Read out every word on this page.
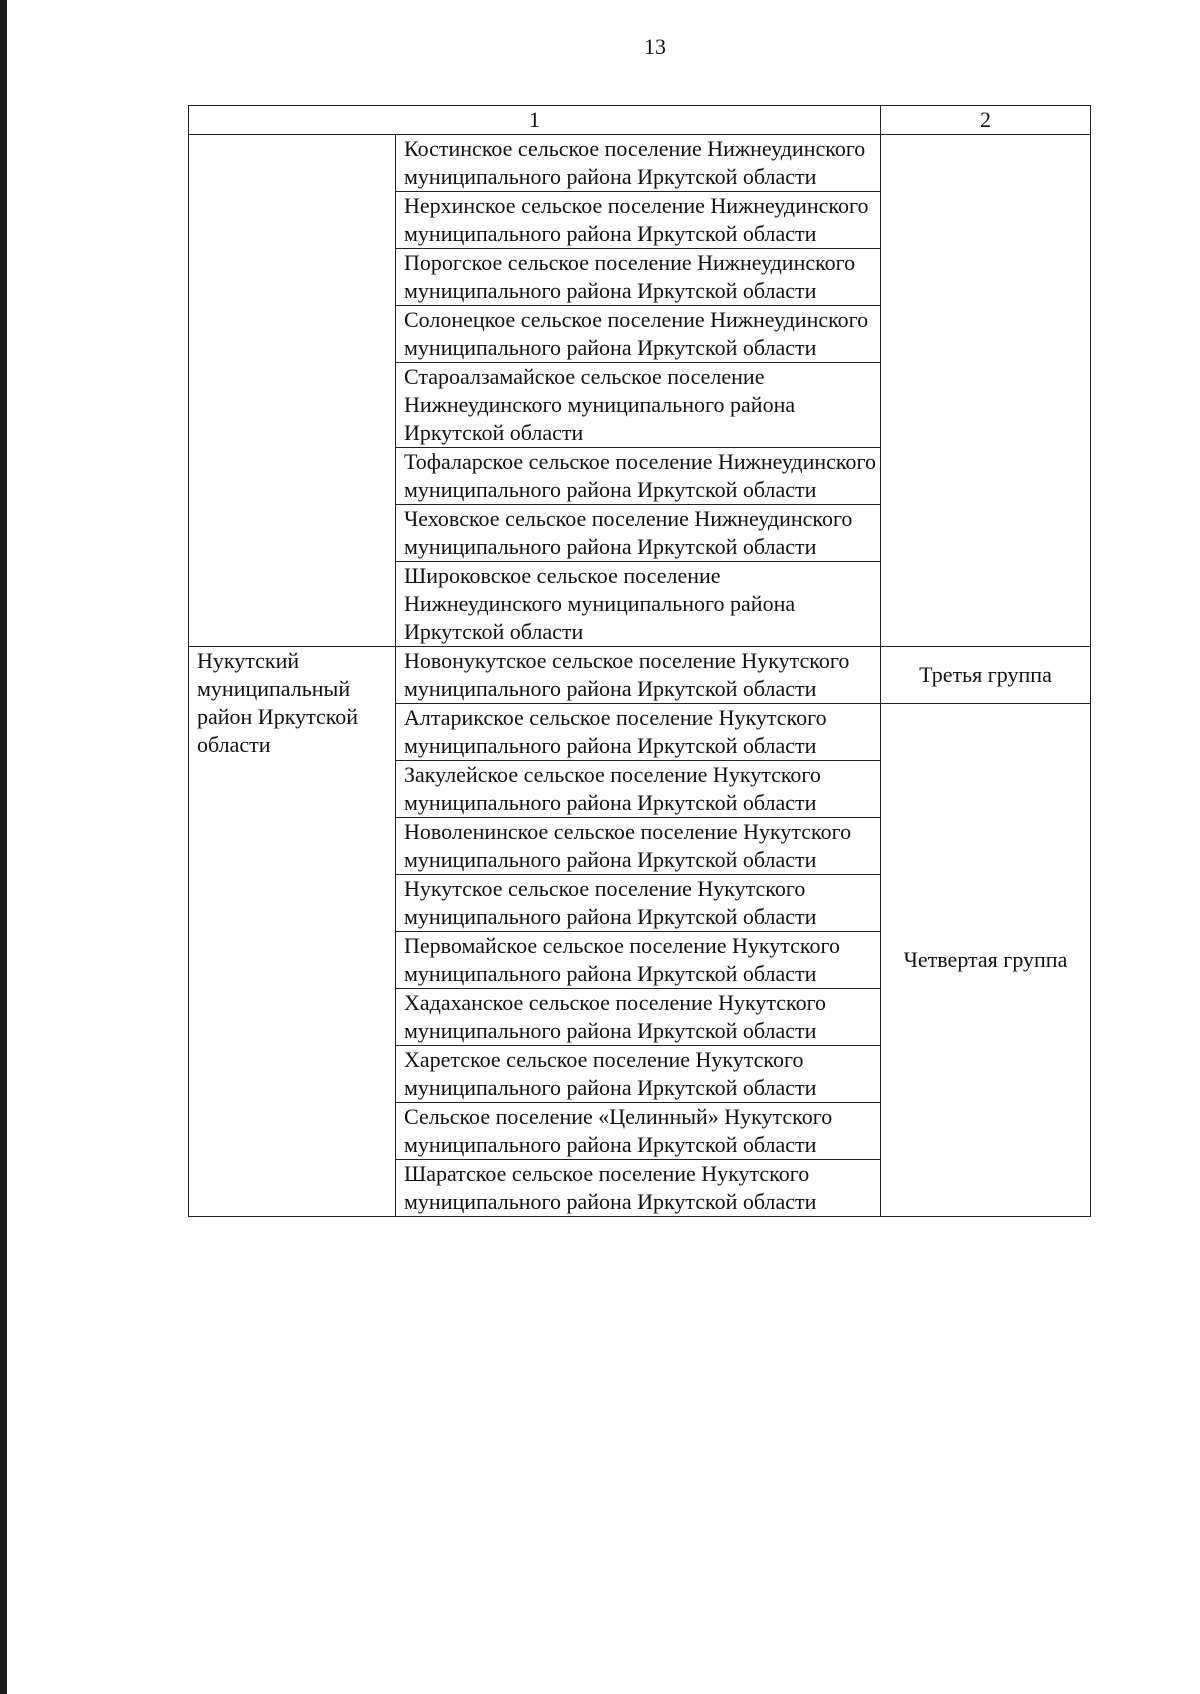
13
1		2
	Костинское сельское поселение Нижнеудинского муниципального района Иркутской области	
	Нерхинское сельское поселение Нижнеудинского муниципального района Иркутской области	
	Порогское сельское поселение Нижнеудинского муниципального района Иркутской области	
	Солонецкое сельское поселение Нижнеудинского муниципального района Иркутской области	
	Староалзамайское сельское поселение Нижнеудинского муниципального района Иркутской области	
	Тофаларское сельское поселение Нижнеудинского муниципального района Иркутской области	
	Чеховское сельское поселение Нижнеудинского муниципального района Иркутской области	
	Широковское сельское поселение Нижнеудинского муниципального района Иркутской области	
Нукутский муниципальный район Иркутской области	Новонукутское сельское поселение Нукутского муниципального района Иркутской области	Третья группа
	Алтарикское сельское поселение Нукутского муниципального района Иркутской области	Четвертая группа
	Закулейское сельское поселение Нукутского муниципального района Иркутской области	
	Новоленинское сельское поселение Нукутского муниципального района Иркутской области	
	Нукутское сельское поселение Нукутского муниципального района Иркутской области	
	Первомайское сельское поселение Нукутского муниципального района Иркутской области	
	Хадаханское сельское поселение Нукутского муниципального района Иркутской области	
	Харетское сельское поселение Нукутского муниципального района Иркутской области	
	Сельское поселение «Целинный» Нукутского муниципального района Иркутской области	
	Шаратское сельское поселение Нукутского муниципального района Иркутской области	
